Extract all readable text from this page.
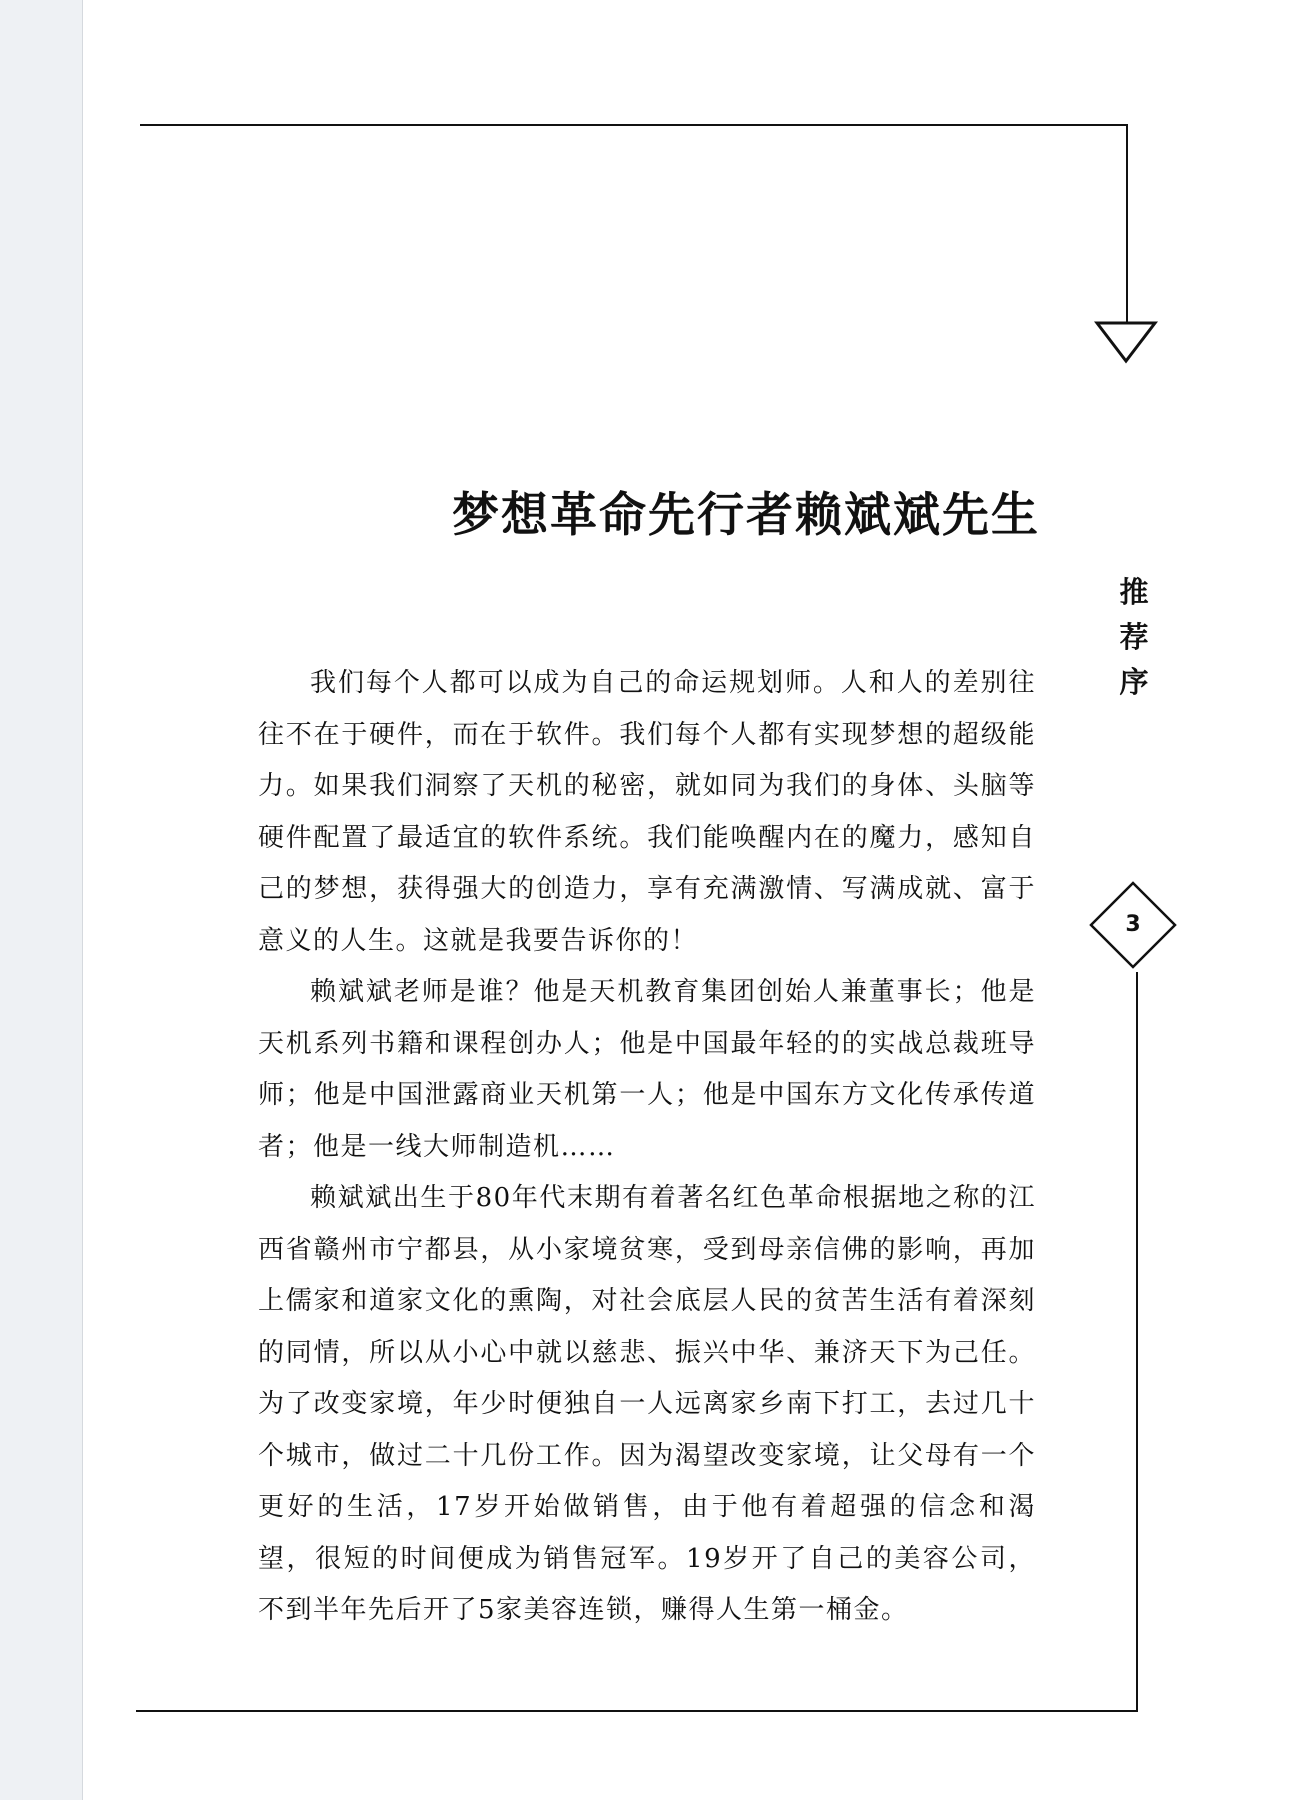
梦想革命先行者赖斌斌先生
推
荐
序
3

我们每个人都可以成为自己的命运规划师。人和人的差别往往不在于硬件，而在于软件。我们每个人都有实现梦想的超级能力。如果我们洞察了天机的秘密，就如同为我们的身体、头脑等硬件配置了最适宜的软件系统。我们能唤醒内在的魔力，感知自己的梦想，获得强大的创造力，享有充满激情、写满成就、富于意义的人生。这就是我要告诉你的！

赖斌斌老师是谁？他是天机教育集团创始人兼董事长；他是天机系列书籍和课程创办人；他是中国最年轻的的实战总裁班导师；他是中国泄露商业天机第一人；他是中国东方文化传承传道者；他是一线大师制造机……

赖斌斌出生于80年代末期有着著名红色革命根据地之称的江西省赣州市宁都县，从小家境贫寒，受到母亲信佛的影响，再加上儒家和道家文化的熏陶，对社会底层人民的贫苦生活有着深刻的同情，所以从小心中就以慈悲、振兴中华、兼济天下为己任。为了改变家境，年少时便独自一人远离家乡南下打工，去过几十个城市，做过二十几份工作。因为渴望改变家境，让父母有一个更好的生活，17岁开始做销售，由于他有着超强的信念和渴望，很短的时间便成为销售冠军。19岁开了自己的美容公司，不到半年先后开了5家美容连锁，赚得人生第一桶金。
